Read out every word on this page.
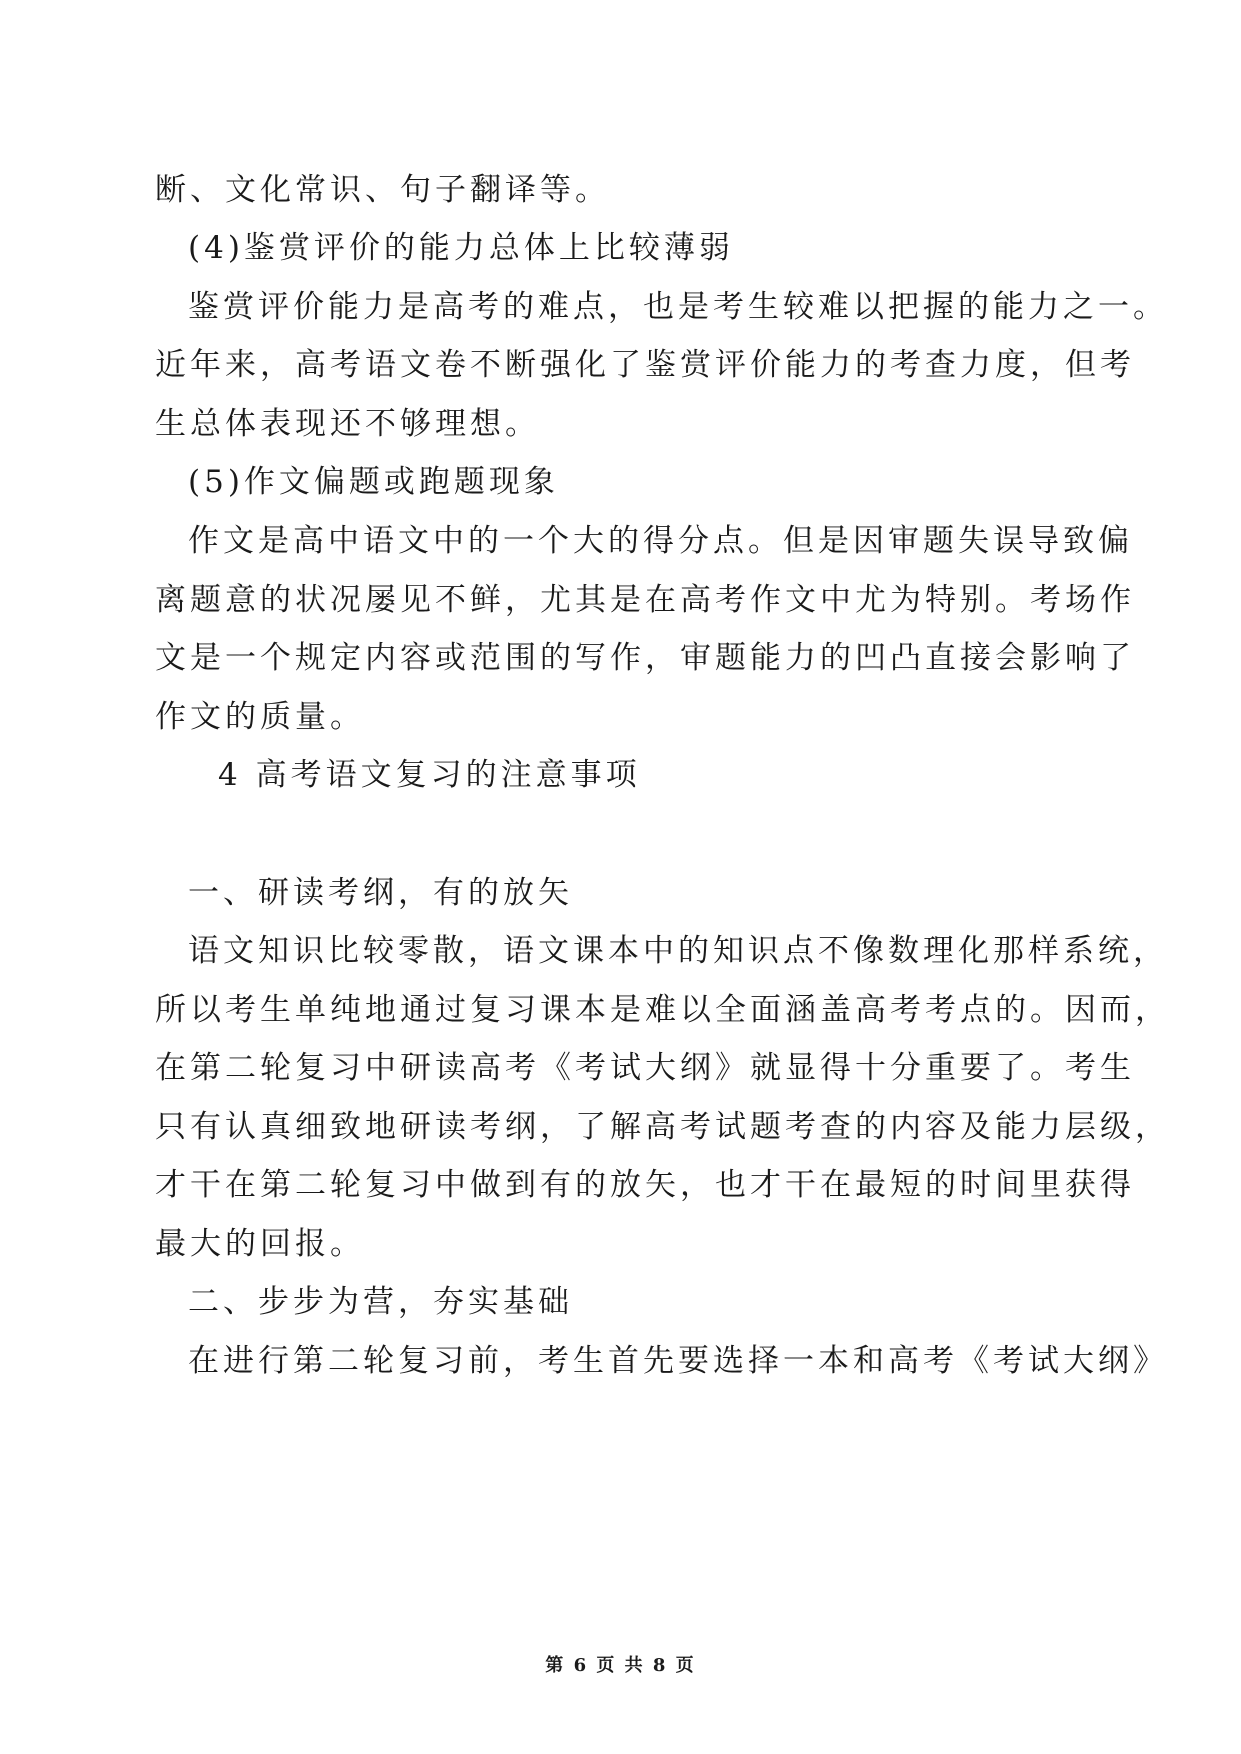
断、文化常识、句子翻译等。
(4)鉴赏评价的能力总体上比较薄弱
鉴赏评价能力是高考的难点，也是考生较难以把握的能力之一。
近年来，高考语文卷不断强化了鉴赏评价能力的考查力度，但考
生总体表现还不够理想。
(5)作文偏题或跑题现象
作文是高中语文中的一个大的得分点。但是因审题失误导致偏
离题意的状况屡见不鲜，尤其是在高考作文中尤为特别。考场作
文是一个规定内容或范围的写作，审题能力的凹凸直接会影响了
作文的质量。
4 高考语文复习的注意事项
一、研读考纲，有的放矢
语文知识比较零散，语文课本中的知识点不像数理化那样系统，
所以考生单纯地通过复习课本是难以全面涵盖高考考点的。因而，
在第二轮复习中研读高考《考试大纲》就显得十分重要了。考生
只有认真细致地研读考纲，了解高考试题考查的内容及能力层级，
才干在第二轮复习中做到有的放矢，也才干在最短的时间里获得
最大的回报。
二、步步为营，夯实基础
在进行第二轮复习前，考生首先要选择一本和高考《考试大纲》
第 6 页 共 8 页
